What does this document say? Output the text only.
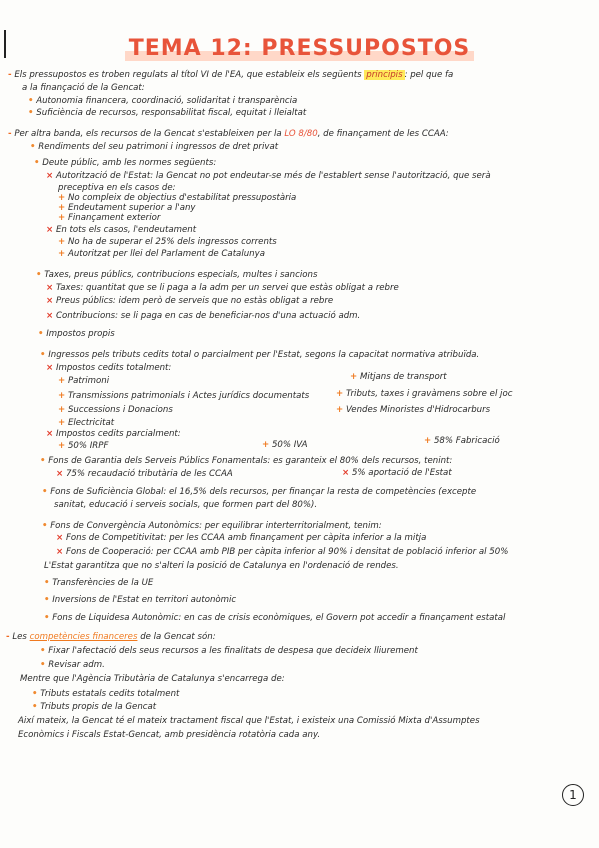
TEMA 12: PRESSUPOSTOS
- Els pressupostos es troben regulats al títol VI de l'EA, que estableix els següents principis : pel que fa
a la finançació de la Gencat:
• Autonomia financera, coordinació, solidaritat i transparència
• Suficiència de recursos, responsabilitat fiscal, equitat i lleialtat
- Per altra banda, els recursos de la Gencat s'estableixen per la LO 8/80, de finançament de les CCAA:
• Rendiments del seu patrimoni i ingressos de dret privat
• Deute públic, amb les normes següents:
× Autorització de l'Estat: la Gencat no pot endeutar-se més de l'establert sense l'autorització, que serà
preceptiva en els casos de:
+ No compleix de objectius d'estabilitat pressupostària
+ Endeutament superior a l'any
+ Finançament exterior
× En tots els casos, l'endeutament
+ No ha de superar el 25% dels ingressos corrents
+ Autoritzat per llei del Parlament de Catalunya
• Taxes, preus públics, contribucions especials, multes i sancions
× Taxes: quantitat que se li paga a la adm per un servei que estàs obligat a rebre
× Preus públics: idem però de serveis que no estàs obligat a rebre
× Contribucions: se li paga en cas de beneficiar-nos d'una actuació adm.
• Impostos propis
• Ingressos pels tributs cedits total o parcialment per l'Estat, segons la capacitat normativa atribuïda.
× Impostos cedits totalment:
+ Patrimoni	+ Mitjans de transport
+ Transmissions patrimonials i Actes jurídics documentats	+ Tributs, taxes i gravàmens sobre el joc
+ Successions i Donacions	+ Vendes Minoristes d'Hidrocarburs
+ Electricitat
× Impostos cedits parcialment:
+ 50% IRPF	+ 50% IVA	+ 58% Fabricació
• Fons de Garantia dels Serveis Públics Fonamentals: es garanteix el 80% dels recursos, tenint:
× 75% recaudació tributària de les CCAA	× 5% aportació de l'Estat
• Fons de Suficiència Global: el 16,5% dels recursos, per finançar la resta de competències (excepte
sanitat, educació i serveis socials, que formen part del 80%).
• Fons de Convergència Autonòmics: per equilibrar interterritorialment, tenim:
× Fons de Competitivitat: per les CCAA amb finançament per càpita inferior a la mitja
× Fons de Cooperació: per CCAA amb PIB per càpita inferior al 90% i densitat de població inferior al 50%
L'Estat garantitza que no s'alteri la posició de Catalunya en l'ordenació de rendes.
• Transferències de la UE
• Inversions de l'Estat en territori autonòmic
• Fons de Liquidesa Autonòmic: en cas de crisis econòmiques, el Govern pot accedir a finançament estatal
- Les competències financeres de la Gencat són:
• Fixar l'afectació dels seus recursos a les finalitats de despesa que decideix lliurement
• Revisar adm.
Mentre que l'Agència Tributària de Catalunya s'encarrega de:
• Tributs estatals cedits totalment
• Tributs propis de la Gencat
Així mateix, la Gencat té el mateix tractament fiscal que l'Estat, i existeix una Comissió Mixta d'Assumptes
Econòmics i Fiscals Estat-Gencat, amb presidència rotatòria cada any.
1
